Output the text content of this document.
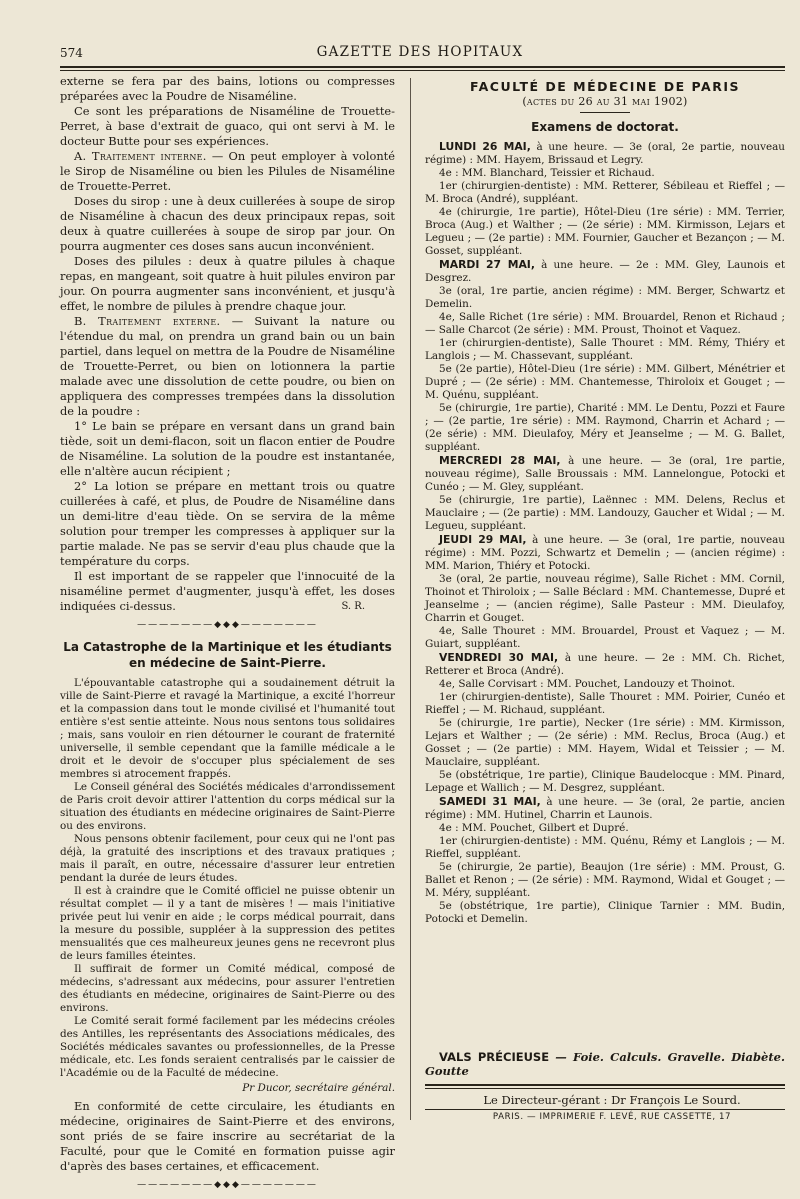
574	GAZETTE DES HOPITAUX

externe se fera par des bains, lotions ou compresses préparées avec la Poudre de Nisaméline.

Ce sont les préparations de Nisaméline de Trouette-Perret, à base d'extrait de guaco, qui ont servi à M. le docteur Butte pour ses expériences.

A. Traitement interne. — On peut employer à volonté le Sirop de Nisaméline ou bien les Pilules de Nisaméline de Trouette-Perret.

Doses du sirop : une à deux cuillerées à soupe de sirop de Nisaméline à chacun des deux principaux repas, soit deux à quatre cuillerées à soupe de sirop par jour. On pourra augmenter ces doses sans aucun inconvénient.

Doses des pilules : deux à quatre pilules à chaque repas, en mangeant, soit quatre à huit pilules environ par jour. On pourra augmenter sans inconvénient, et jusqu'à effet, le nombre de pilules à prendre chaque jour.

B. Traitement externe. — Suivant la nature ou l'étendue du mal, on prendra un grand bain ou un bain partiel, dans lequel on mettra de la Poudre de Nisaméline de Trouette-Perret, ou bien on lotionnera la partie malade avec une dissolution de cette poudre, ou bien on appliquera des compresses trempées dans la dissolution de la poudre :

1° Le bain se prépare en versant dans un grand bain tiède, soit un demi-flacon, soit un flacon entier de Poudre de Nisaméline. La solution de la poudre est instantanée, elle n'altère aucun récipient ;

2° La lotion se prépare en mettant trois ou quatre cuillerées à café, et plus, de Poudre de Nisaméline dans un demi-litre d'eau tiède. On se servira de la même solution pour tremper les compresses à appliquer sur la partie malade. Ne pas se servir d'eau plus chaude que la température du corps.

Il est important de se rappeler que l'innocuité de la nisaméline permet d'augmenter, jusqu'à effet, les doses indiquées ci-dessus.	S. R.
———————◆◆◆———————
La Catastrophe de la Martinique et les étudiants
en médecine de Saint-Pierre.

L'épouvantable catastrophe qui a soudainement détruit la ville de Saint-Pierre et ravagé la Martinique, a excité l'horreur et la compassion dans tout le monde civilisé et l'humanité tout entière s'est sentie atteinte. Nous nous sentons tous solidaires ; mais, sans vouloir en rien détourner le courant de fraternité universelle, il semble cependant que la famille médicale a le droit et le devoir de s'occuper plus spécialement de ses membres si atrocement frappés.

Le Conseil général des Sociétés médicales d'arrondissement de Paris croit devoir attirer l'attention du corps médical sur la situation des étudiants en médecine originaires de Saint-Pierre ou des environs.

Nous pensons obtenir facilement, pour ceux qui ne l'ont pas déjà, la gratuité des inscriptions et des travaux pratiques ; mais il paraît, en outre, nécessaire d'assurer leur entretien pendant la durée de leurs études.

Il est à craindre que le Comité officiel ne puisse obtenir un résultat complet — il y a tant de misères ! — mais l'initiative privée peut lui venir en aide ; le corps médical pourrait, dans la mesure du possible, suppléer à la suppression des petites mensualités que ces malheureux jeunes gens ne recevront plus de leurs familles éteintes.

Il suffirait de former un Comité médical, composé de médecins, s'adressant aux médecins, pour assurer l'entretien des étudiants en médecine, originaires de Saint-Pierre ou des environs.

Le Comité serait formé facilement par les médecins créoles des Antilles, les représentants des Associations médicales, des Sociétés médicales savantes ou professionnelles, de la Presse médicale, etc. Les fonds seraient centralisés par le caissier de l'Académie ou de la Faculté de médecine.

Pr Ducor, secrétaire général.

En conformité de cette circulaire, les étudiants en médecine, originaires de Saint-Pierre et des environs, sont priés de se faire inscrire au secrétariat de la Faculté, pour que le Comité en formation puisse agir d'après des bases certaines, et efficacement.

———————◆◆◆———————
FACULTÉ DE MÉDECINE DE PARIS
(actes du 26 au 31 mai 1902)
Examens de doctorat.

LUNDI 26 MAI, à une heure. — 3e (oral, 2e partie, nouveau régime) : MM. Hayem, Brissaud et Legry.

4e : MM. Blanchard, Teissier et Richaud.

1er (chirurgien-dentiste) : MM. Retterer, Sébileau et Rieffel ; — M. Broca (André), suppléant.

4e (chirurgie, 1re partie), Hôtel-Dieu (1re série) : MM. Terrier, Broca (Aug.) et Walther ; — (2e série) : MM. Kirmisson, Lejars et Legueu ; — (2e partie) : MM. Fournier, Gaucher et Bezançon ; — M. Gosset, suppléant.

MARDI 27 MAI, à une heure. — 2e : MM. Gley, Launois et Desgrez.

3e (oral, 1re partie, ancien régime) : MM. Berger, Schwartz et Demelin.

4e, Salle Richet (1re série) : MM. Brouardel, Renon et Richaud ; — Salle Charcot (2e série) : MM. Proust, Thoinot et Vaquez.

1er (chirurgien-dentiste), Salle Thouret : MM. Rémy, Thiéry et Langlois ; — M. Chassevant, suppléant.

5e (2e partie), Hôtel-Dieu (1re série) : MM. Gilbert, Ménétrier et Dupré ; — (2e série) : MM. Chantemesse, Thiroloix et Gouget ; — M. Quénu, suppléant.

5e (chirurgie, 1re partie), Charité : MM. Le Dentu, Pozzi et Faure ; — (2e partie, 1re série) : MM. Raymond, Charrin et Achard ; — (2e série) : MM. Dieulafoy, Méry et Jeanselme ; — M. G. Ballet, suppléant.

MERCREDI 28 MAI, à une heure. — 3e (oral, 1re partie, nouveau régime), Salle Broussais : MM. Lannelongue, Potocki et Cunéo ; — M. Gley, suppléant.

5e (chirurgie, 1re partie), Laënnec : MM. Delens, Reclus et Mauclaire ; — (2e partie) : MM. Landouzy, Gaucher et Widal ; — M. Legueu, suppléant.

JEUDI 29 MAI, à une heure. — 3e (oral, 1re partie, nouveau régime) : MM. Pozzi, Schwartz et Demelin ; — (ancien régime) : MM. Marion, Thiéry et Potocki.

3e (oral, 2e partie, nouveau régime), Salle Richet : MM. Cornil, Thoinot et Thiroloix ; — Salle Béclard : MM. Chantemesse, Dupré et Jeanselme ; — (ancien régime), Salle Pasteur : MM. Dieulafoy, Charrin et Gouget.

4e, Salle Thouret : MM. Brouardel, Proust et Vaquez ; — M. Guiart, suppléant.

VENDREDI 30 MAI, à une heure. — 2e : MM. Ch. Richet, Retterer et Broca (André).

4e, Salle Corvisart : MM. Pouchet, Landouzy et Thoinot.

1er (chirurgien-dentiste), Salle Thouret : MM. Poirier, Cunéo et Rieffel ; — M. Richaud, suppléant.

5e (chirurgie, 1re partie), Necker (1re série) : MM. Kirmisson, Lejars et Walther ; — (2e série) : MM. Reclus, Broca (Aug.) et Gosset ; — (2e partie) : MM. Hayem, Widal et Teissier ; — M. Mauclaire, suppléant.

5e (obstétrique, 1re partie), Clinique Baudelocque : MM. Pinard, Lepage et Wallich ; — M. Desgrez, suppléant.

SAMEDI 31 MAI, à une heure. — 3e (oral, 2e partie, ancien régime) : MM. Hutinel, Charrin et Launois.

4e : MM. Pouchet, Gilbert et Dupré.

1er (chirurgien-dentiste) : MM. Quénu, Rémy et Langlois ; — M. Rieffel, suppléant.

5e (chirurgie, 2e partie), Beaujon (1re série) : MM. Proust, G. Ballet et Renon ; — (2e série) : MM. Raymond, Widal et Gouget ; — M. Méry, suppléant.

5e (obstétrique, 1re partie), Clinique Tarnier : MM. Budin, Potocki et Demelin.

VALS PRÉCIEUSE — Foie. Calculs. Gravelle. Diabète. Goutte

Le Directeur-gérant : Dr François Le Sourd.

PARIS. — IMPRIMERIE F. LEVÉ, RUE CASSETTE, 17
